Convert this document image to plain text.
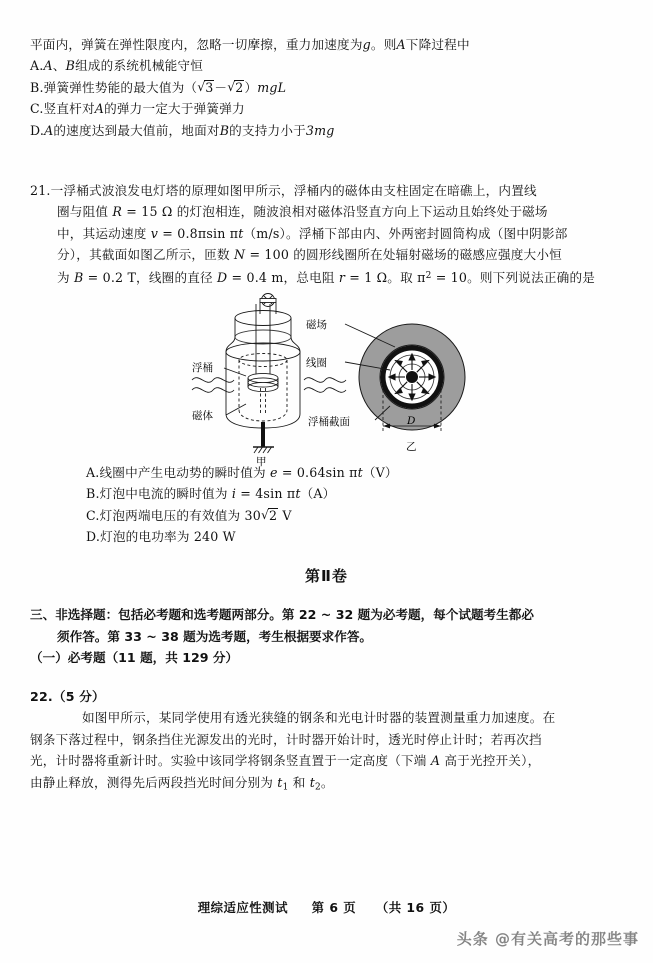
平面内，弹簧在弹性限度内，忽略一切摩擦，重力加速度为g。则A下降过程中
A.A、B组成的系统机械能守恒
B.弹簧弹性势能的最大值为（ √ 3－ √ 2）mgL
C.竖直杆对A的弹力一定大于弹簧弹力
D.A的速度达到最大值前，地面对B的支持力小于3mg
21.一浮桶式波浪发电灯塔的原理如图甲所示，浮桶内的磁体由支柱固定在暗礁上，内置线
圈与阻值 R = 15 Ω 的灯泡相连，随波浪相对磁体沿竖直方向上下运动且始终处于磁场
中，其运动速度 v = 0.8πsin πt（m/s）。浮桶下部由内、外两密封圆筒构成（图中阴影部
分），其截面如图乙所示，匝数 N = 100 的圆形线圈所在处辐射磁场的磁感应强度大小恒
为 B = 0.2 T，线圈的直径 D = 0.4 m，总电阻 r = 1 Ω。取 $\pi^2 = 10$。则下列说法正确的是
浮桶
磁体
甲
D
乙
磁场
线圈
浮桶截面
A.线圈中产生电动势的瞬时值为 e = 0.64sin πt（V）
B.灯泡中电流的瞬时值为 i = 4sin πt（A）
C.灯泡两端电压的有效值为 30 √ 2 V
D.灯泡的电功率为 240 W
第Ⅱ卷
三、非选择题：包括必考题和选考题两部分。第 22 ~ 32 题为必考题，每个试题考生都必
须作答。第 33 ~ 38 题为选考题，考生根据要求作答。
（一）必考题（11 题，共 129 分）
22.（5 分）
如图甲所示，某同学使用有透光狭缝的钢条和光电计时器的装置测量重力加速度。在
钢条下落过程中，钢条挡住光源发出的光时，计时器开始计时，透光时停止计时；若再次挡
光，计时器将重新计时。实验中该同学将钢条竖直置于一定高度（下端 A 高于光控开关），
由静止释放，测得先后两段挡光时间分别为 $t_1$ 和 $t_2$。
理综适应性测试 第 6 页 （共 16 页）
头条 @有关高考的那些事
